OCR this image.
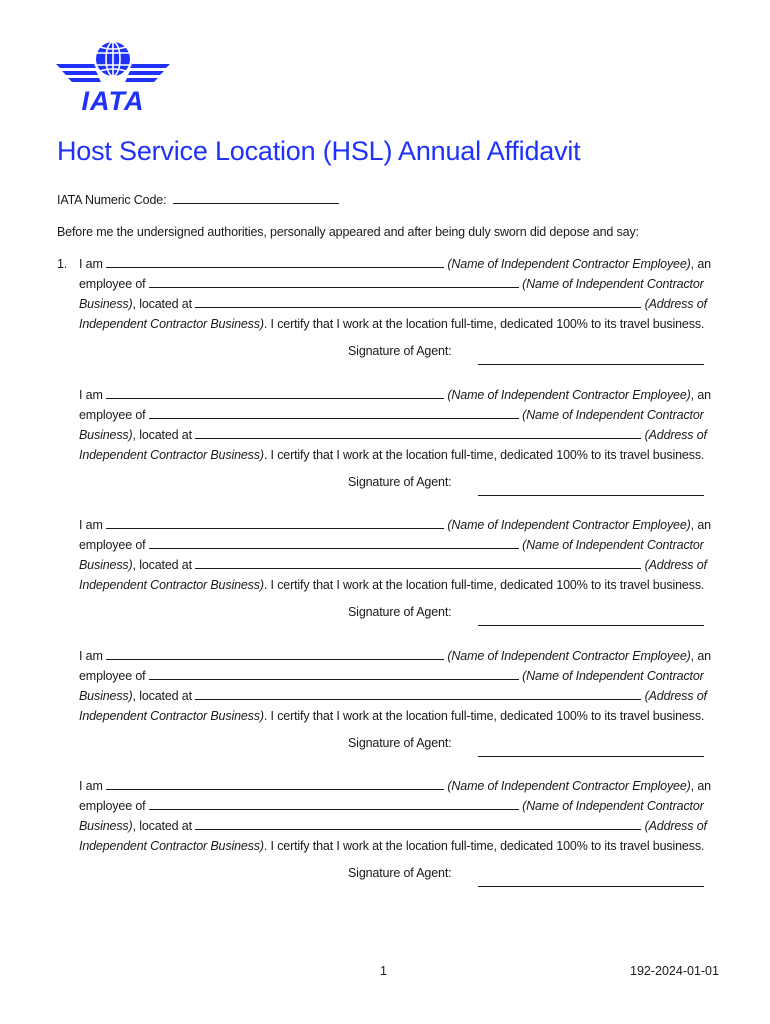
IATA
Host Service Location (HSL) Annual Affidavit
IATA Numeric Code:
Before me the undersigned authorities, personally appeared and after being duly sworn did depose and say:
1. I am	(Name of Independent Contractor Employee), an
employee of	(Name of Independent Contractor
Business), located at	(Address of
Independent Contractor Business). I certify that I work at the location full-time, dedicated 100% to its travel business.
Signature of Agent:
I am	(Name of Independent Contractor Employee), an
employee of	(Name of Independent Contractor
Business), located at	(Address of
Independent Contractor Business). I certify that I work at the location full-time, dedicated 100% to its travel business.
Signature of Agent:
I am	(Name of Independent Contractor Employee), an
employee of	(Name of Independent Contractor
Business), located at	(Address of
Independent Contractor Business). I certify that I work at the location full-time, dedicated 100% to its travel business.
Signature of Agent:
I am	(Name of Independent Contractor Employee), an
employee of	(Name of Independent Contractor
Business), located at	(Address of
Independent Contractor Business). I certify that I work at the location full-time, dedicated 100% to its travel business.
Signature of Agent:
I am	(Name of Independent Contractor Employee), an
employee of	(Name of Independent Contractor
Business), located at	(Address of
Independent Contractor Business). I certify that I work at the location full-time, dedicated 100% to its travel business.
Signature of Agent:
1	192-2024-01-01
